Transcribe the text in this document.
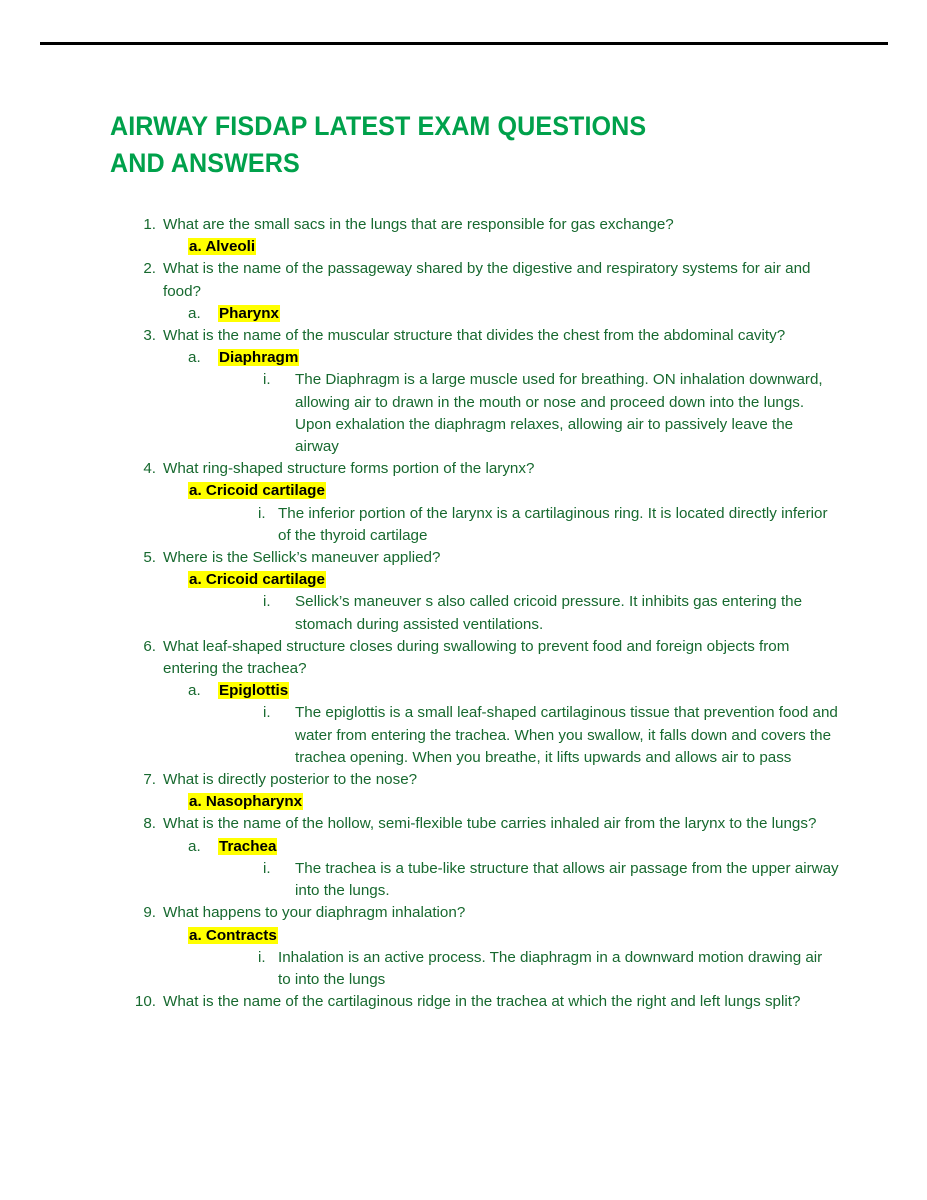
AIRWAY FISDAP LATEST EXAM QUESTIONS AND ANSWERS
1. What are the small sacs in the lungs that are responsible for gas exchange?
a. Alveoli
2. What is the name of the passageway shared by the digestive and respiratory systems for air and food?
a. Pharynx
3. What is the name of the muscular structure that divides the chest from the abdominal cavity?
a. Diaphragm
i.	The Diaphragm is a large muscle used for breathing. ON inhalation downward, allowing air to drawn in the mouth or nose and proceed down into the lungs. Upon exhalation the diaphragm relaxes, allowing air to passively leave the airway
4. What ring-shaped structure forms portion of the larynx?
a. Cricoid cartilage
i. The inferior portion of the larynx is a cartilaginous ring. It is located directly inferior of the thyroid cartilage
5. Where is the Sellick’s maneuver applied?
a. Cricoid cartilage
i.	Sellick’s maneuver s also called cricoid pressure. It inhibits gas entering the stomach during assisted ventilations.
6. What leaf-shaped structure closes during swallowing to prevent food and foreign objects from entering the trachea?
a. Epiglottis
i.	The epiglottis is a small leaf-shaped cartilaginous tissue that prevention food and water from entering the trachea. When you swallow, it falls down and covers the trachea opening. When you breathe, it lifts upwards and allows air to pass
7. What is directly posterior to the nose?
a. Nasopharynx
8. What is the name of the hollow, semi-flexible tube carries inhaled air from the larynx to the lungs?
a. Trachea
i.	The trachea is a tube-like structure that allows air passage from the upper airway into the lungs.
9. What happens to your diaphragm inhalation?
a. Contracts
i. Inhalation is an active process. The diaphragm in a downward motion drawing air to into the lungs
10. What is the name of the cartilaginous ridge in the trachea at which the right and left lungs split?
